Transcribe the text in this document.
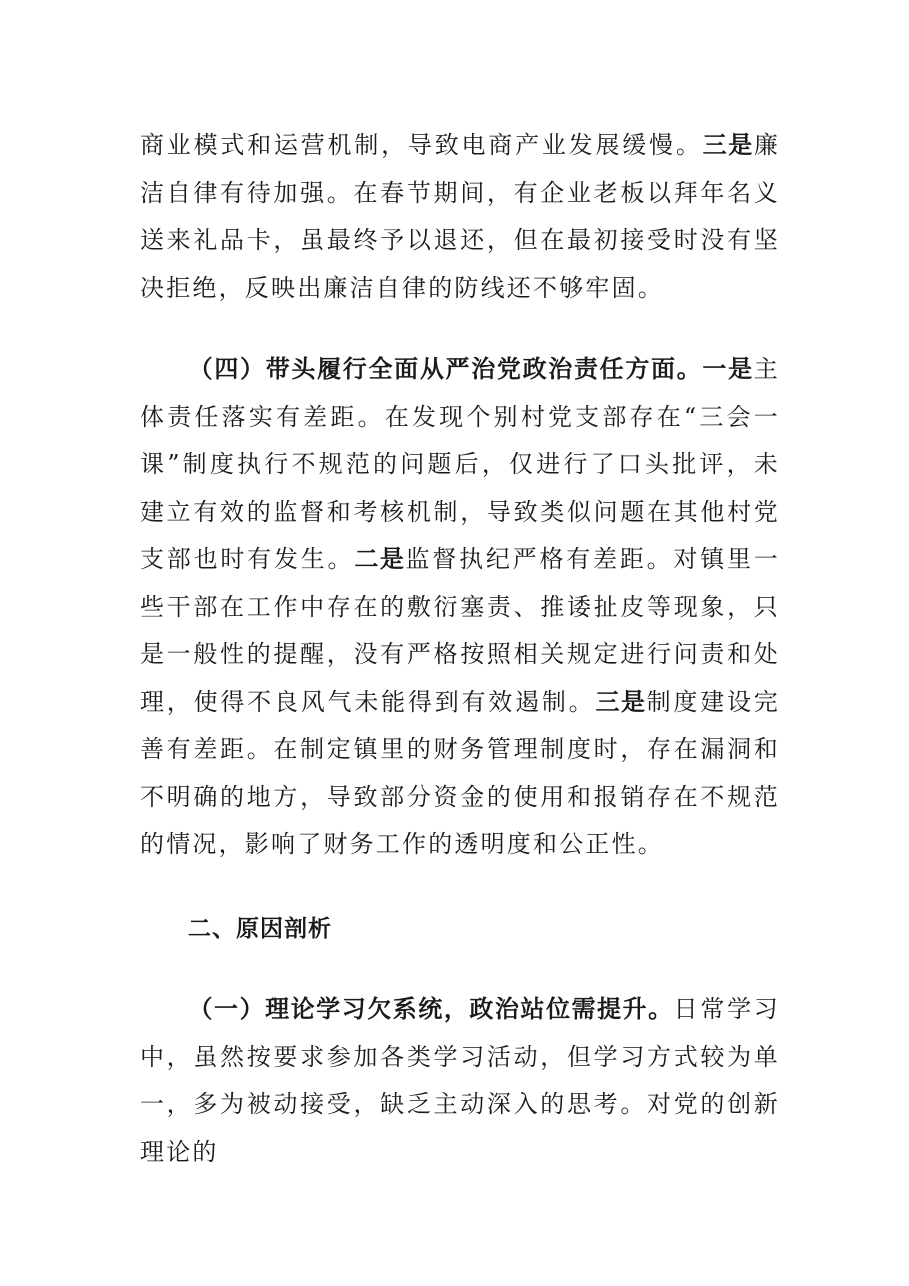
商业模式和运营机制，导致电商产业发展缓慢。三是廉洁自律有待加强。在春节期间，有企业老板以拜年名义送来礼品卡，虽最终予以退还，但在最初接受时没有坚决拒绝，反映出廉洁自律的防线还不够牢固。
（四）带头履行全面从严治党政治责任方面。一是主体责任落实有差距。在发现个别村党支部存在“三会一课”制度执行不规范的问题后，仅进行了口头批评，未建立有效的监督和考核机制，导致类似问题在其他村党支部也时有发生。二是监督执纪严格有差距。对镇里一些干部在工作中存在的敷衍塞责、推诿扯皮等现象，只是一般性的提醒，没有严格按照相关规定进行问责和处理，使得不良风气未能得到有效遏制。三是制度建设完善有差距。在制定镇里的财务管理制度时，存在漏洞和不明确的地方，导致部分资金的使用和报销存在不规范的情况，影响了财务工作的透明度和公正性。
二、原因剖析
（一）理论学习欠系统，政治站位需提升。日常学习中，虽然按要求参加各类学习活动，但学习方式较为单一，多为被动接受，缺乏主动深入的思考。对党的创新理论的
